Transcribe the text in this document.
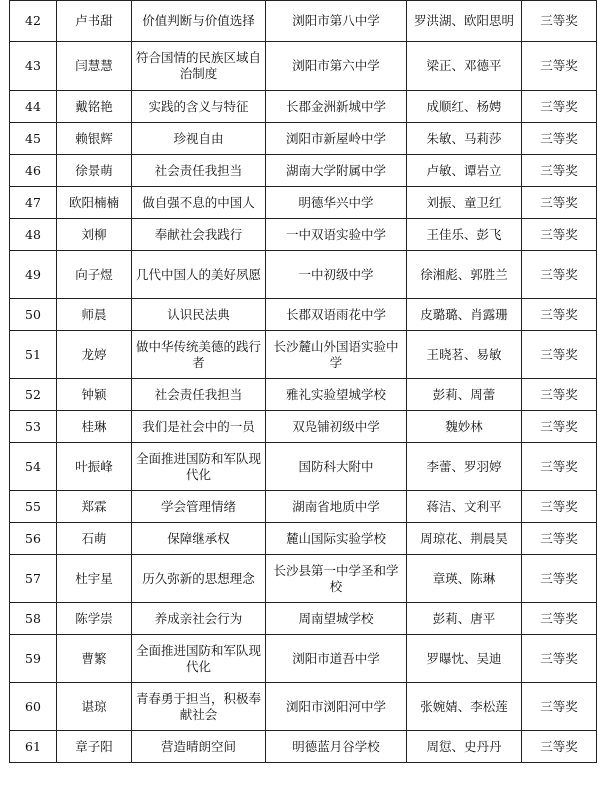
42	卢书甜	价值判断与价值选择	浏阳市第八中学	罗洪湖、欧阳思明	三等奖
43	闫慧慧	符合国情的民族区域自治制度	浏阳市第六中学	梁正、邓德平	三等奖
44	戴铭艳	实践的含义与特征	长郡金洲新城中学	成顺红、杨娉	三等奖
45	赖银辉	珍视自由	浏阳市新屋岭中学	朱敏、马莉莎	三等奖
46	徐景萌	社会责任我担当	湖南大学附属中学	卢敏、谭岩立	三等奖
47	欧阳楠楠	做自强不息的中国人	明德华兴中学	刘振、童卫红	三等奖
48	刘柳	奉献社会我践行	一中双语实验中学	王佳乐、彭飞	三等奖
49	向子煜	几代中国人的美好夙愿	一中初级中学	徐湘彪、郭胜兰	三等奖
50	师晨	认识民法典	长郡双语雨花中学	皮璐璐、肖露珊	三等奖
51	龙婷	做中华传统美德的践行者	长沙麓山外国语实验中学	王晓茗、易敏	三等奖
52	钟颖	社会责任我担当	雅礼实验望城学校	彭莉、周蕾	三等奖
53	桂琳	我们是社会中的一员	双凫铺初级中学	魏妙林	三等奖
54	叶振峰	全面推进国防和军队现代化	国防科大附中	李蕾、罗羽婷	三等奖
55	郑霖	学会管理情绪	湖南省地质中学	蒋洁、文利平	三等奖
56	石萌	保障继承权	麓山国际实验学校	周琼花、荆晨昊	三等奖
57	杜宇星	历久弥新的思想理念	长沙县第一中学圣和学校	章瑛、陈琳	三等奖
58	陈学崇	养成亲社会行为	周南望城学校	彭莉、唐平	三等奖
59	曹繁	全面推进国防和军队现代化	浏阳市道吾中学	罗曝忱、吴迪	三等奖
60	谌琼	青春勇于担当，积极奉献社会	浏阳市浏阳河中学	张婉婧、李松莲	三等奖
61	章子阳	营造晴朗空间	明德蓝月谷学校	周愆、史丹丹	三等奖
